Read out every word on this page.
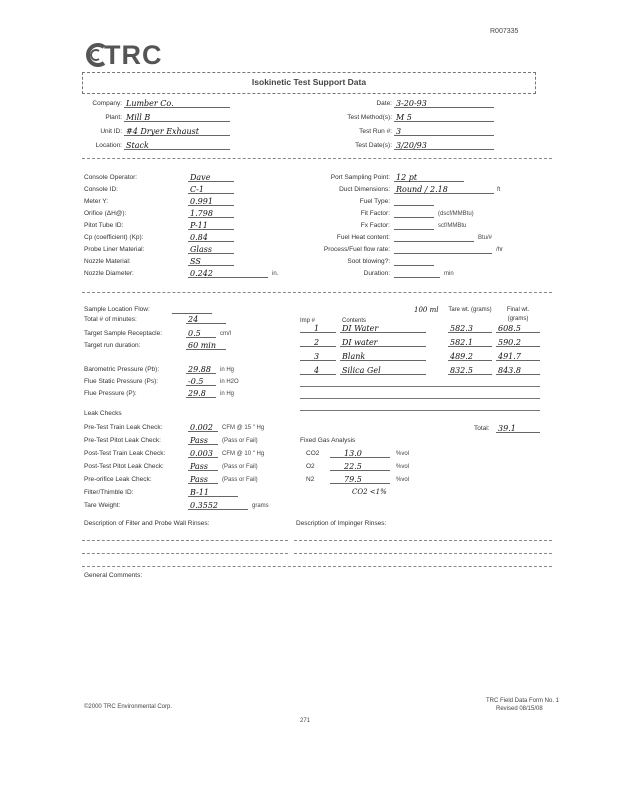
R007335
TRC
Isokinetic Test Support Data
Company: Lumber Co.
Plant: Mill B
Unit ID: #4 Dryer Exhaust
Location: Stack
Date: 3-20-93
Test Method(s): M 5
Test Run #: 3
Test Date(s): 3/20/93
Console Operator:	Dave
Console ID:	C-1
Meter Y:	0.991
Orifice (ΔH@):	1.798
Pitot Tube ID:	P-11
Cp (coefficient) (Kp):	0.84
Probe Liner Material:	Glass
Nozzle Material:	SS
Nozzle Diameter:	0.242	in.
Port Sampling Point: 12 pt
Duct Dimensions: Round / 2.18	ft
Fuel Type:
Fit Factor:	(dscf/MMBtu)
Fx Factor:	scf/MMBtu
Fuel Heat content:	Btu/#
Process/Fuel flow rate:	/hr
Soot blowing?:
Duration:	min
Sample Location Flow:
Total # of minutes:	24
Target Sample Receptacle:	0.5	cm/l
Target run duration:	60 min
Barometric Pressure (Pb):	29.88 in Hg
Flue Static Pressure (Ps):	-0.5	in H2O
Flue Pressure (P):	29.8 in Hg
Imp #	Contents
Tare wt. (grams)	Final wt. (grams)
100 ml
1	DI Water	582.3	608.5
2	DI water	582.1	590.2
3	Blank	489.2	491.7
4	Silica Gel	832.5	843.8
Total: 39.1
Leak Checks
Pre-Test Train Leak Check:	0.002 CFM @ 15 " Hg
Pre-Test Pitot Leak Check:	Pass (Pass or Fail)
Post-Test Train Leak Check:	0.003 CFM @ 10 " Hg
Post-Test Pitot Leak Check:	Pass (Pass or Fail)
Pre-orifice Leak Check:	Pass (Pass or Fail)
Filter/Thimble ID:	B-11
Tare Weight:	0.3552	grams
Fixed Gas Analysis
CO2	13.0	%vol
O2	22.5	%vol
N2	79.5	%vol
CO2 <1%
Description of Filter and Probe Wall Rinses:	Description of Impinger Rinses:
General Comments:
©2000 TRC Environmental Corp.
TRC Field Data Form No. 1
Revised 08/15/08
271
